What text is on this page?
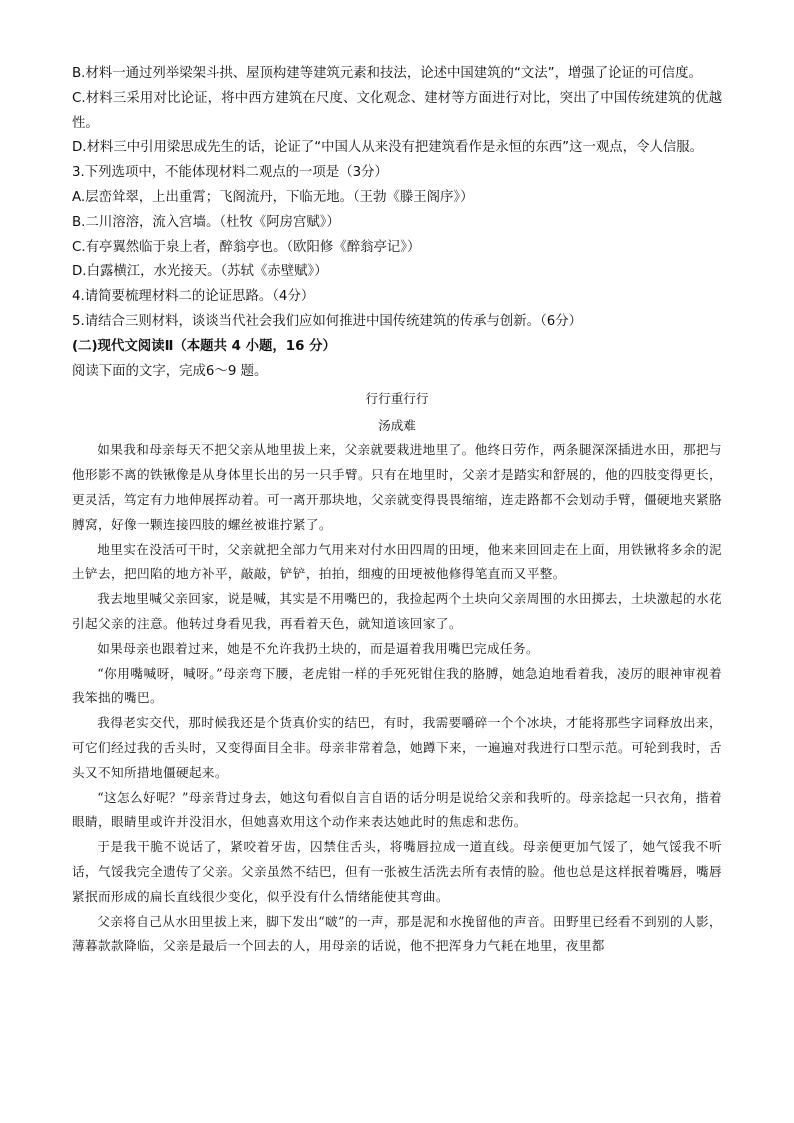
B.材料一通过列举梁架斗拱、屋顶构建等建筑元素和技法，论述中国建筑的“文法”，增强了论证的可信度。

C.材料三采用对比论证，将中西方建筑在尺度、文化观念、建材等方面进行对比，突出了中国传统建筑的优越性。

D.材料三中引用梁思成先生的话，论证了“中国人从来没有把建筑看作是永恒的东西”这一观点，令人信服。

3.下列选项中，不能体现材料二观点的一项是（3分）

A.层峦耸翠，上出重霄；飞阁流丹，下临无地。（王勃《滕王阁序》）

B.二川溶溶，流入宫墙。（杜牧《阿房宫赋》）

C.有亭翼然临于泉上者，醉翁亭也。（欧阳修《醉翁亭记》）

D.白露横江，水光接天。（苏轼《赤壁赋》）

4.请简要梳理材料二的论证思路。（4分）

5.请结合三则材料，谈谈当代社会我们应如何推进中国传统建筑的传承与创新。（6分）

(二)现代文阅读Ⅱ（本题共 4 小题，16 分）

阅读下面的文字，完成6～9 题。

行行重行行

汤成难

如果我和母亲每天不把父亲从地里拔上来，父亲就要栽进地里了。他终日劳作，两条腿深深插进水田，那把与他形影不离的铁锹像是从身体里长出的另一只手臂。只有在地里时，父亲才是踏实和舒展的，他的四肢变得更长，更灵活，笃定有力地伸展挥动着。可一离开那块地，父亲就变得畏畏缩缩，连走路都不会划动手臂，僵硬地夹紧胳膊窝，好像一颗连接四肢的螺丝被谁拧紧了。

地里实在没活可干时，父亲就把全部力气用来对付水田四周的田埂，他来来回回走在上面，用铁锹将多余的泥土铲去，把凹陷的地方补平，敲敲，铲铲，拍拍，细瘦的田埂被他修得笔直而又平整。

我去地里喊父亲回家，说是喊，其实是不用嘴巴的，我捡起两个土块向父亲周围的水田掷去，土块激起的水花引起父亲的注意。他转过身看见我，再看着天色，就知道该回家了。

如果母亲也跟着过来，她是不允许我扔土块的，而是逼着我用嘴巴完成任务。

“你用嘴喊呀，喊呀。”母亲弯下腰，老虎钳一样的手死死钳住我的胳膊，她急迫地看着我，凌厉的眼神审视着我笨拙的嘴巴。

我得老实交代，那时候我还是个货真价实的结巴，有时，我需要嚼碎一个个冰块，才能将那些字词释放出来，可它们经过我的舌头时，又变得面目全非。母亲非常着急，她蹲下来，一遍遍对我进行口型示范。可轮到我时，舌头又不知所措地僵硬起来。

“这怎么好呢？”母亲背过身去，她这句看似自言自语的话分明是说给父亲和我听的。母亲捻起一只衣角，揩着眼睛，眼睛里或许并没泪水，但她喜欢用这个动作来表达她此时的焦虑和悲伤。

于是我干脆不说话了，紧咬着牙齿，囚禁住舌头，将嘴唇拉成一道直线。母亲便更加气馁了，她气馁我不听话，气馁我完全遗传了父亲。父亲虽然不结巴，但有一张被生活洗去所有表情的脸。他也总是这样抿着嘴唇，嘴唇紧抿而形成的扁长直线很少变化，似乎没有什么情绪能使其弯曲。

父亲将自己从水田里拔上来，脚下发出“啵”的一声，那是泥和水挽留他的声音。田野里已经看不到别的人影，薄暮款款降临，父亲是最后一个回去的人，用母亲的话说，他不把浑身力气耗在地里，夜里都
